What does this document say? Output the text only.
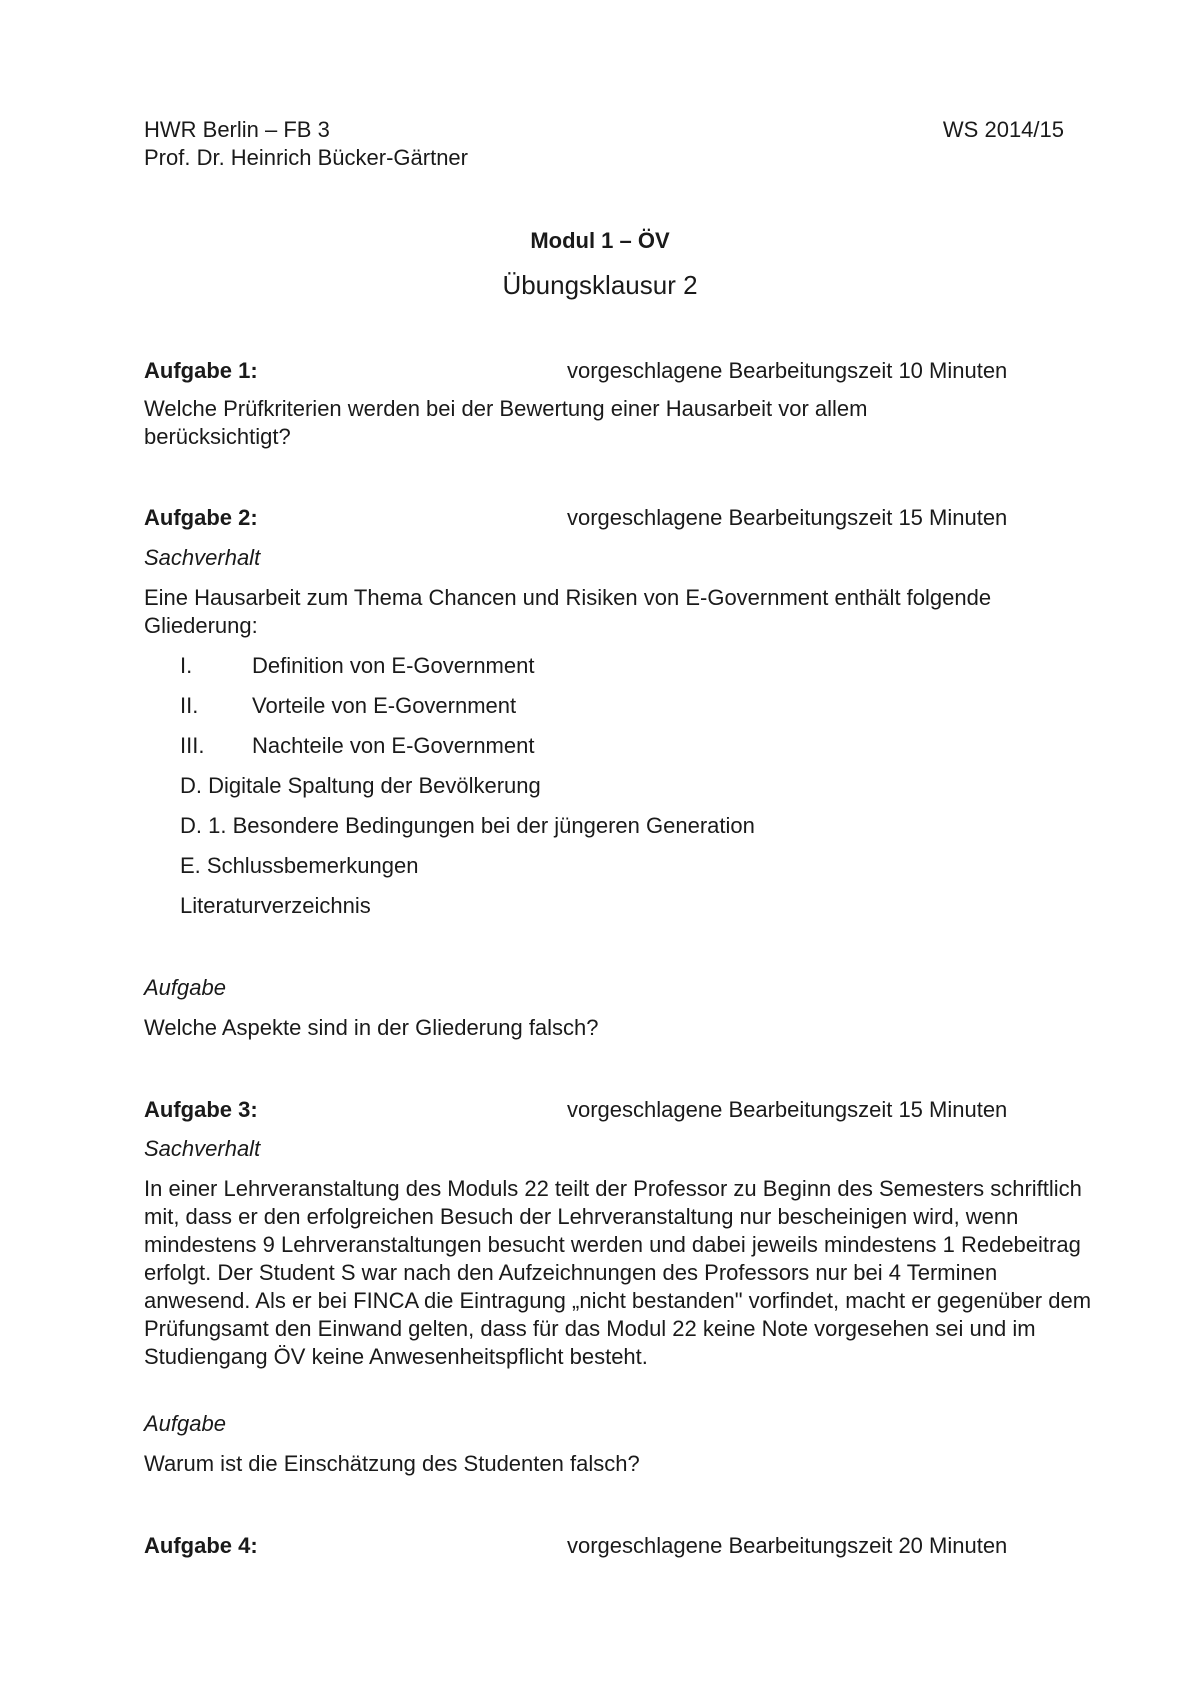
HWR Berlin – FB 3

Prof. Dr. Heinrich Bücker-Gärtner

WS 2014/15

Modul 1 – ÖV

Übungsklausur 2

Aufgabe 1:	vorgeschlagene Bearbeitungszeit 10 Minuten

Welche Prüfkriterien werden bei der Bewertung einer Hausarbeit vor allem berücksichtigt?

Aufgabe 2:	vorgeschlagene Bearbeitungszeit 15 Minuten

Sachverhalt

Eine Hausarbeit zum Thema Chancen und Risiken von E-Government enthält folgende Gliederung:

I.	Definition von E-Government
II. Vorteile von E-Government
III. Nachteile von E-Government

D. Digitale Spaltung der Bevölkerung

D. 1. Besondere Bedingungen bei der jüngeren Generation

E. Schlussbemerkungen

Literaturverzeichnis

Aufgabe

Welche Aspekte sind in der Gliederung falsch?

Aufgabe 3:	vorgeschlagene Bearbeitungszeit 15 Minuten

Sachverhalt

In einer Lehrveranstaltung des Moduls 22 teilt der Professor zu Beginn des Semesters schriftlich mit, dass er den erfolgreichen Besuch der Lehrveranstaltung nur bescheinigen wird, wenn mindestens 9 Lehrveranstaltungen besucht werden und dabei jeweils mindestens 1 Redebeitrag erfolgt. Der Student S war nach den Aufzeichnungen des Professors nur bei 4 Terminen anwesend. Als er bei FINCA die Eintragung „nicht bestanden" vorfindet, macht er gegenüber dem Prüfungsamt den Einwand gelten, dass für das Modul 22 keine Note vorgesehen sei und im Studiengang ÖV keine Anwesenheitspflicht besteht.

Aufgabe

Warum ist die Einschätzung des Studenten falsch?

Aufgabe 4:	vorgeschlagene Bearbeitungszeit 20 Minuten
